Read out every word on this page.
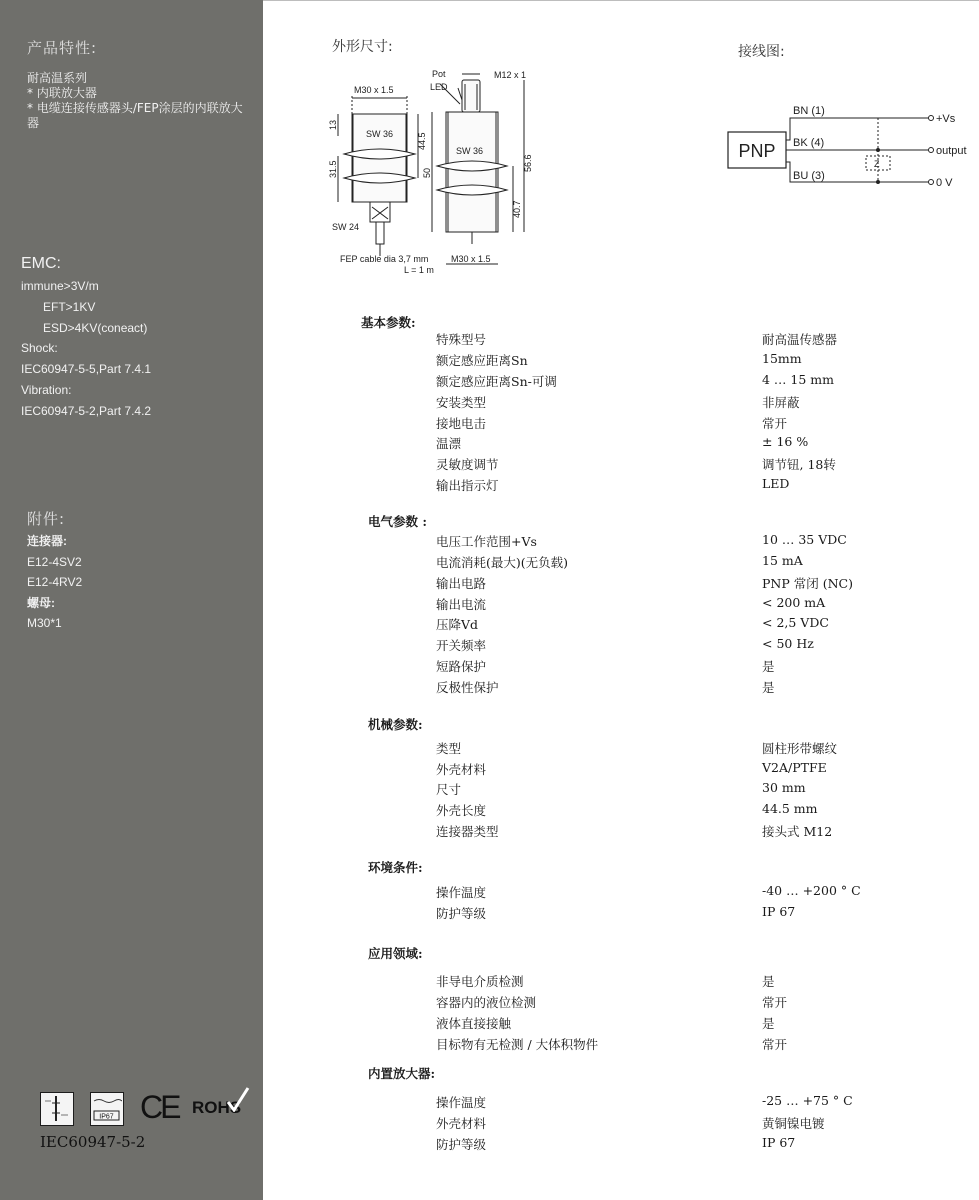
产品特性:
耐高温系列
* 内联放大器
* 电缆连接传感器头/FEP涂层的内联放大器
EMC:
immune>3V/m
EFT>1KV
ESD>4KV(coneact)
Shock:
IEC60947-5-5,Part 7.4.1
Vibration:
IEC60947-5-2,Part 7.4.2
附件:
连接器:
E12-4SV2
E12-4RV2
螺母:
M30*1
IP67 CE ROHS
IEC60947-5-2
外形尺寸:
M30 x 1.5
Pot
LED
M12 x 1
SW 36
SW 36
SW 24
13
31.5
44.5
50
56.6
40.7
FEP cable dia 3,7 mm
L = 1 m
M30 x 1.5
接线图:
PNP
BN (1)
BK (4)
BU (3)
Z
+Vs
output
0 V
基本参数:
特殊型号	耐高温传感器
额定感应距离Sn	15mm
额定感应距离Sn-可调	4 … 15 mm
安装类型	非屏蔽
接地电击	常开
温漂	± 16 %
灵敏度调节	调节钮, 18转
输出指示灯	LED
电气参数 :
电压工作范围+Vs	10 … 35 VDC
电流消耗(最大)(无负载)	15 mA
输出电路	PNP 常闭 (NC)
输出电流	< 200 mA
压降Vd	< 2,5 VDC
开关频率	< 50 Hz
短路保护	是
反极性保护	是
机械参数:
类型	圆柱形带螺纹
外壳材料	V2A/PTFE
尺寸	30 mm
外壳长度	44.5 mm
连接器类型	接头式 M12
环境条件:
操作温度	-40 … +200 ° C
防护等级	IP 67
应用领域:
非导电介质检测	是
容器内的液位检测	常开
液体直接接触	是
目标物有无检测 / 大体积物件	常开
内置放大器:
操作温度	-25 … +75 ° C
外壳材料	黄铜镍电镀
防护等级	IP 67
